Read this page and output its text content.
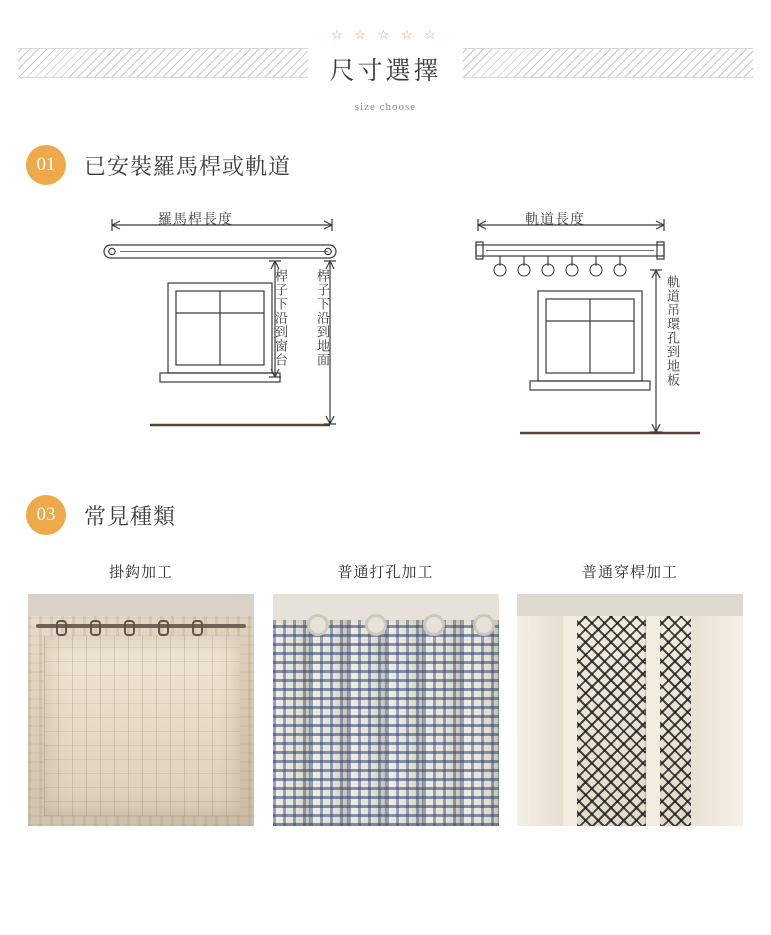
☆ ☆ ☆ ☆ ☆
尺寸選擇
size choose
01	已安裝羅馬桿或軌道
羅馬桿長度	軌道長度
桿子下沿到窗台 桿子下沿到地面	軌道吊環孔到地板
03	常見種類
掛鈎加工	普通打孔加工	普通穿桿加工
